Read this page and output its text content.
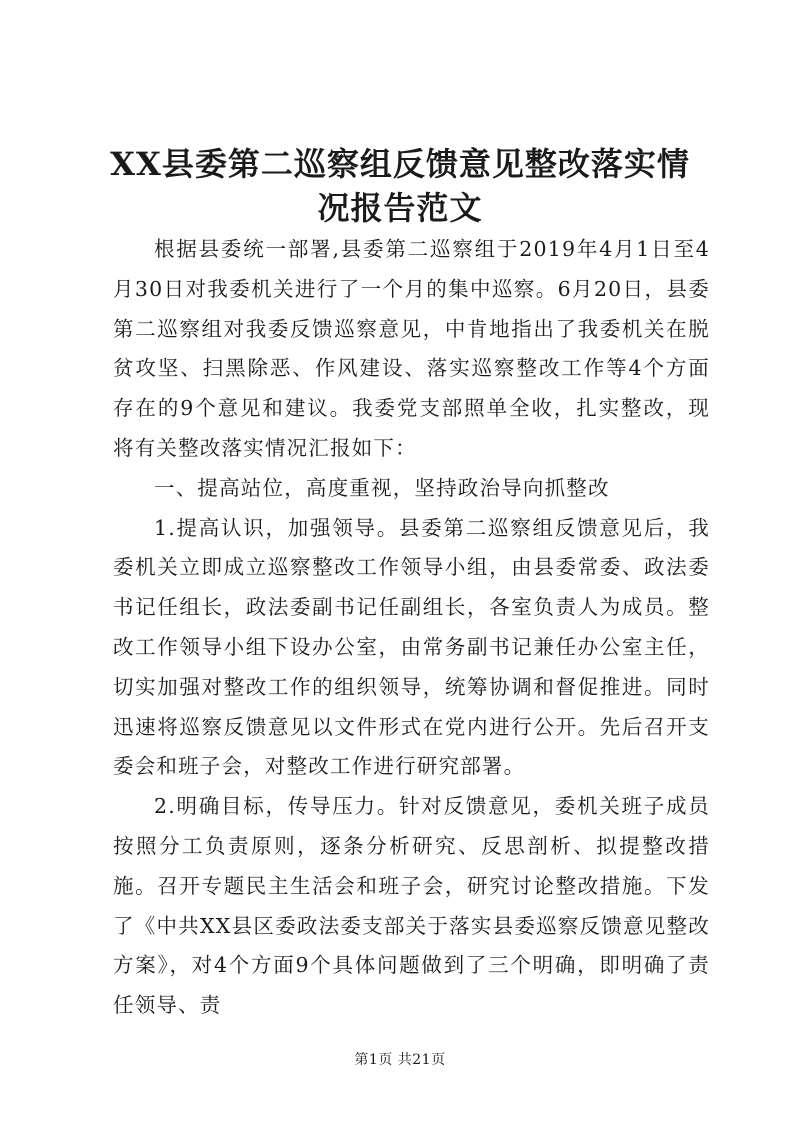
XX县委第二巡察组反馈意见整改落实情况报告范文

根据县委统一部署,县委第二巡察组于2019年4月1日至4月30日对我委机关进行了一个月的集中巡察。6月20日，县委第二巡察组对我委反馈巡察意见，中肯地指出了我委机关在脱贫攻坚、扫黑除恶、作风建设、落实巡察整改工作等4个方面存在的9个意见和建议。我委党支部照单全收，扎实整改，现将有关整改落实情况汇报如下：

一、提高站位，高度重视，坚持政治导向抓整改

1.提高认识，加强领导。县委第二巡察组反馈意见后，我委机关立即成立巡察整改工作领导小组，由县委常委、政法委书记任组长，政法委副书记任副组长，各室负责人为成员。整改工作领导小组下设办公室，由常务副书记兼任办公室主任，切实加强对整改工作的组织领导，统筹协调和督促推进。同时迅速将巡察反馈意见以文件形式在党内进行公开。先后召开支委会和班子会，对整改工作进行研究部署。

2.明确目标，传导压力。针对反馈意见，委机关班子成员按照分工负责原则，逐条分析研究、反思剖析、拟提整改措施。召开专题民主生活会和班子会，研究讨论整改措施。下发了《中共XX县区委政法委支部关于落实县委巡察反馈意见整改方案》，对4个方面9个具体问题做到了三个明确，即明确了责任领导、责

第1页 共21页
